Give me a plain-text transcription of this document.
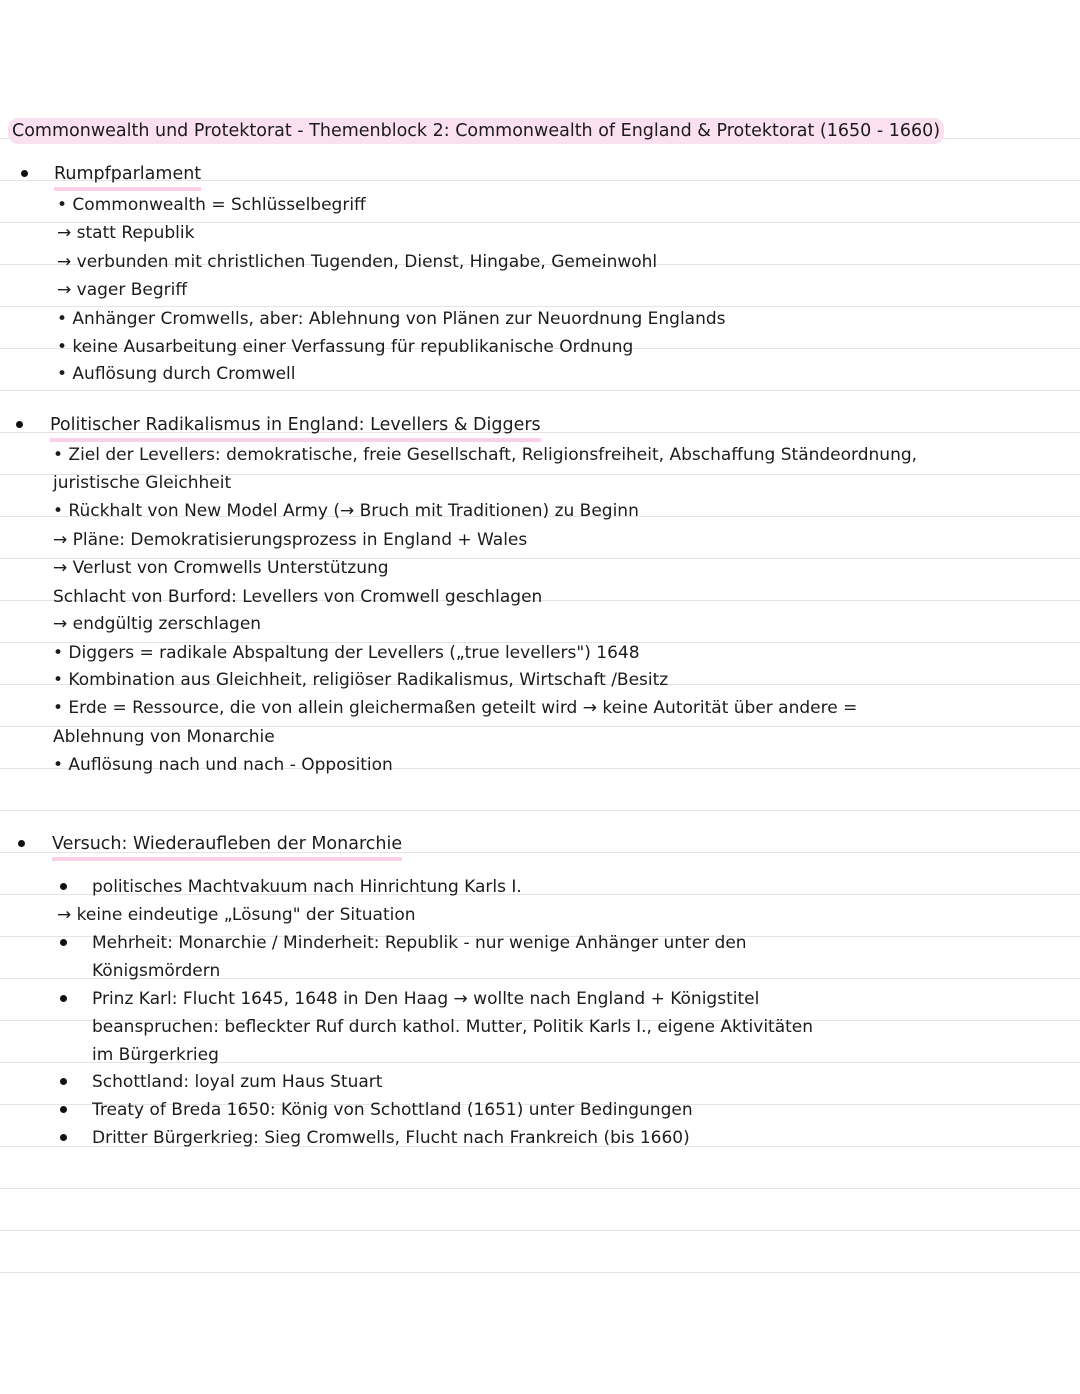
Commonwealth und Protektorat - Themenblock 2: Commonwealth of England & Protektorat (1650 - 1660)
Rumpfparlament
• Commonwealth = Schlüsselbegriff
→ statt Republik
→ verbunden mit christlichen Tugenden, Dienst, Hingabe, Gemeinwohl
→ vager Begriff
• Anhänger Cromwells, aber: Ablehnung von Plänen zur Neuordnung Englands
• keine Ausarbeitung einer Verfassung für republikanische Ordnung
• Auflösung durch Cromwell
Politischer Radikalismus in England: Levellers & Diggers
• Ziel der Levellers: demokratische, freie Gesellschaft, Religionsfreiheit, Abschaffung Ständeordnung,
juristische Gleichheit
• Rückhalt von New Model Army (→ Bruch mit Traditionen) zu Beginn
→ Pläne: Demokratisierungsprozess in England + Wales
→ Verlust von Cromwells Unterstützung
Schlacht von Burford: Levellers von Cromwell geschlagen
→ endgültig zerschlagen
• Diggers = radikale Abspaltung der Levellers („true levellers") 1648
• Kombination aus Gleichheit, religiöser Radikalismus, Wirtschaft /Besitz
• Erde = Ressource, die von allein gleichermaßen geteilt wird → keine Autorität über andere =
Ablehnung von Monarchie
• Auflösung nach und nach - Opposition
Versuch: Wiederaufleben der Monarchie
politisches Machtvakuum nach Hinrichtung Karls I.
→ keine eindeutige „Lösung" der Situation
Mehrheit: Monarchie / Minderheit: Republik - nur wenige Anhänger unter den
Königsmördern
Prinz Karl: Flucht 1645, 1648 in Den Haag → wollte nach England + Königstitel
beanspruchen: befleckter Ruf durch kathol. Mutter, Politik Karls I., eigene Aktivitäten
im Bürgerkrieg
Schottland: loyal zum Haus Stuart
Treaty of Breda 1650: König von Schottland (1651) unter Bedingungen
Dritter Bürgerkrieg: Sieg Cromwells, Flucht nach Frankreich (bis 1660)
